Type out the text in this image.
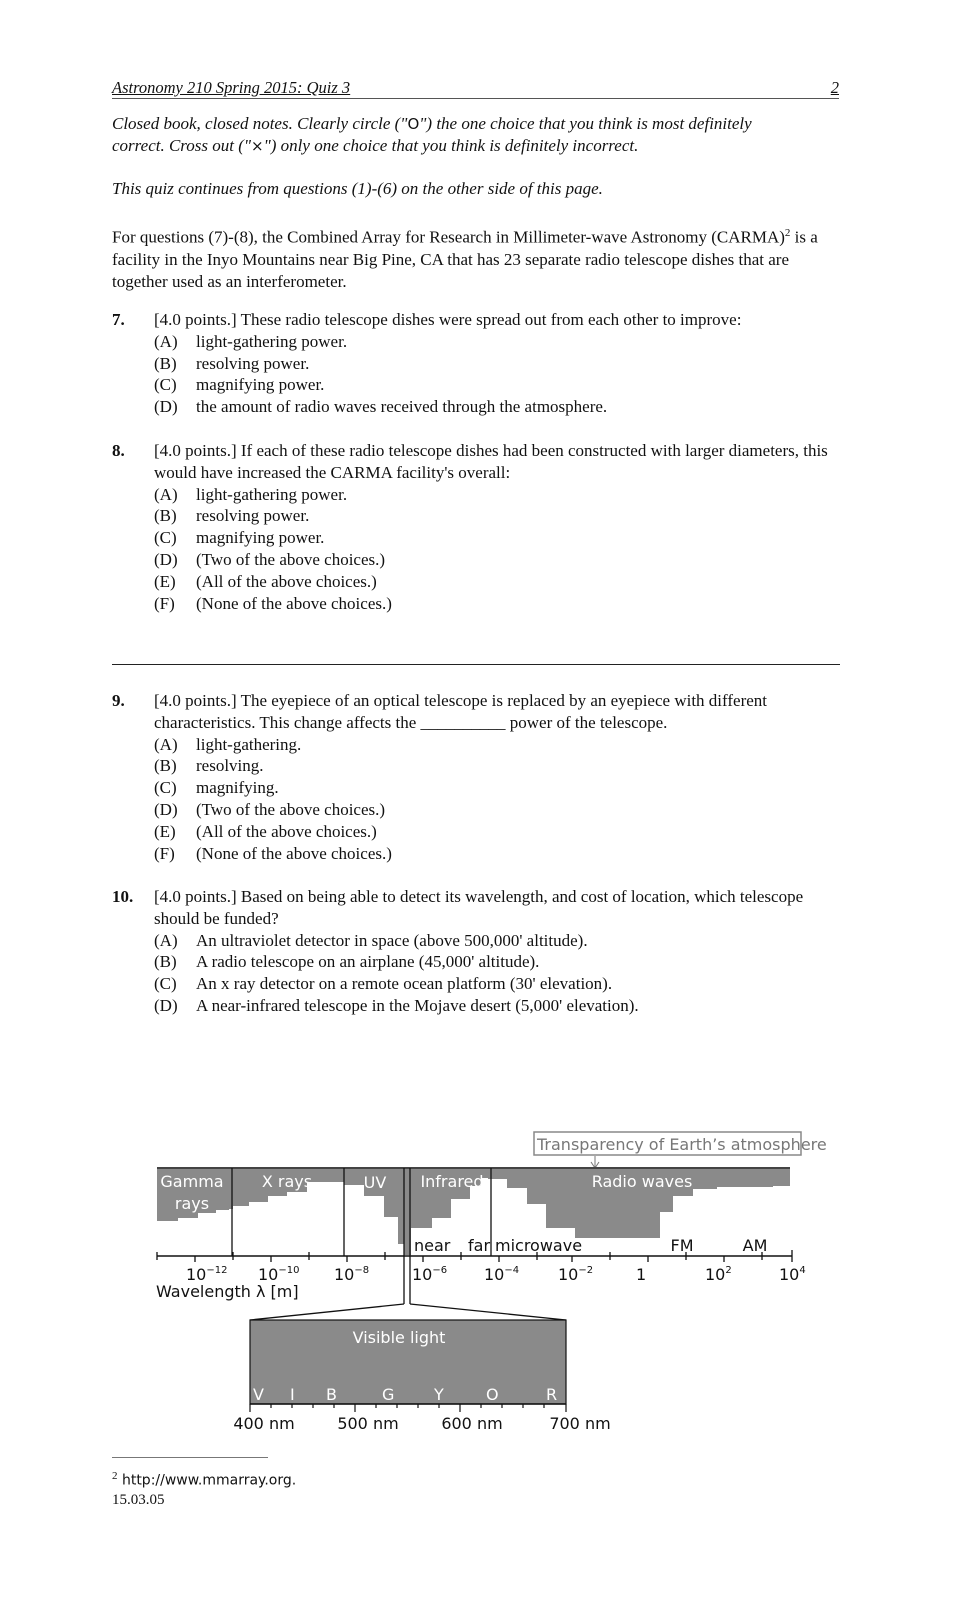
Astronomy 210 Spring 2015: Quiz 3	2
Closed book, closed notes. Clearly circle ("O") the one choice that you think is most definitely
correct. Cross out ("×") only one choice that you think is definitely incorrect.
This quiz continues from questions (1)-(6) on the other side of this page.
For questions (7)-(8), the Combined Array for Research in Millimeter-wave Astronomy (CARMA)$^2$ is a facility in the Inyo Mountains near Big Pine, CA that has 23 separate radio telescope dishes that are together used as an interferometer.
7. [4.0 points.] These radio telescope dishes were spread out from each other to improve:
(A)	light-gathering power.
(B)	resolving power.
(C)	magnifying power.
(D)	the amount of radio waves received through the atmosphere.
8. [4.0 points.] If each of these radio telescope dishes had been constructed with larger diameters, this would have increased the CARMA facility's overall:
(A)	light-gathering power.
(B)	resolving power.
(C)	magnifying power.
(D)	(Two of the above choices.)
(E)	(All of the above choices.)
(F)	(None of the above choices.)
9. [4.0 points.] The eyepiece of an optical telescope is replaced by an eyepiece with different characteristics. This change affects the __________ power of the telescope.
(A)	light-gathering.
(B)	resolving.
(C)	magnifying.
(D)	(Two of the above choices.)
(E)	(All of the above choices.)
(F)	(None of the above choices.)
10. [4.0 points.] Based on being able to detect its wavelength, and cost of location, which telescope should be funded?
(A)	An ultraviolet detector in space (above 500,000' altitude).
(B)	A radio telescope on an airplane (45,000' altitude).
(C)	An x ray detector on a remote ocean platform (30' elevation).
(D)	A near-infrared telescope in the Mojave desert (5,000' elevation).
Transparency of Earth’s atmosphere
Gamma
rays
X rays	UV Infrared	Radio waves
near far microwave TV FM	AM
$10^{-12}$ $10^{-10}$ $10^{-8}$	$10^{-6}$ $10^{-4}$ $10^{-2}$	1	$10^2$	$10^4$
Wavelength λ [m]
Visible light
V I B	G Y	O	R
400 nm	500 nm	600 nm	700 nm
$^2$ http://www.mmarray.org.
15.03.05
